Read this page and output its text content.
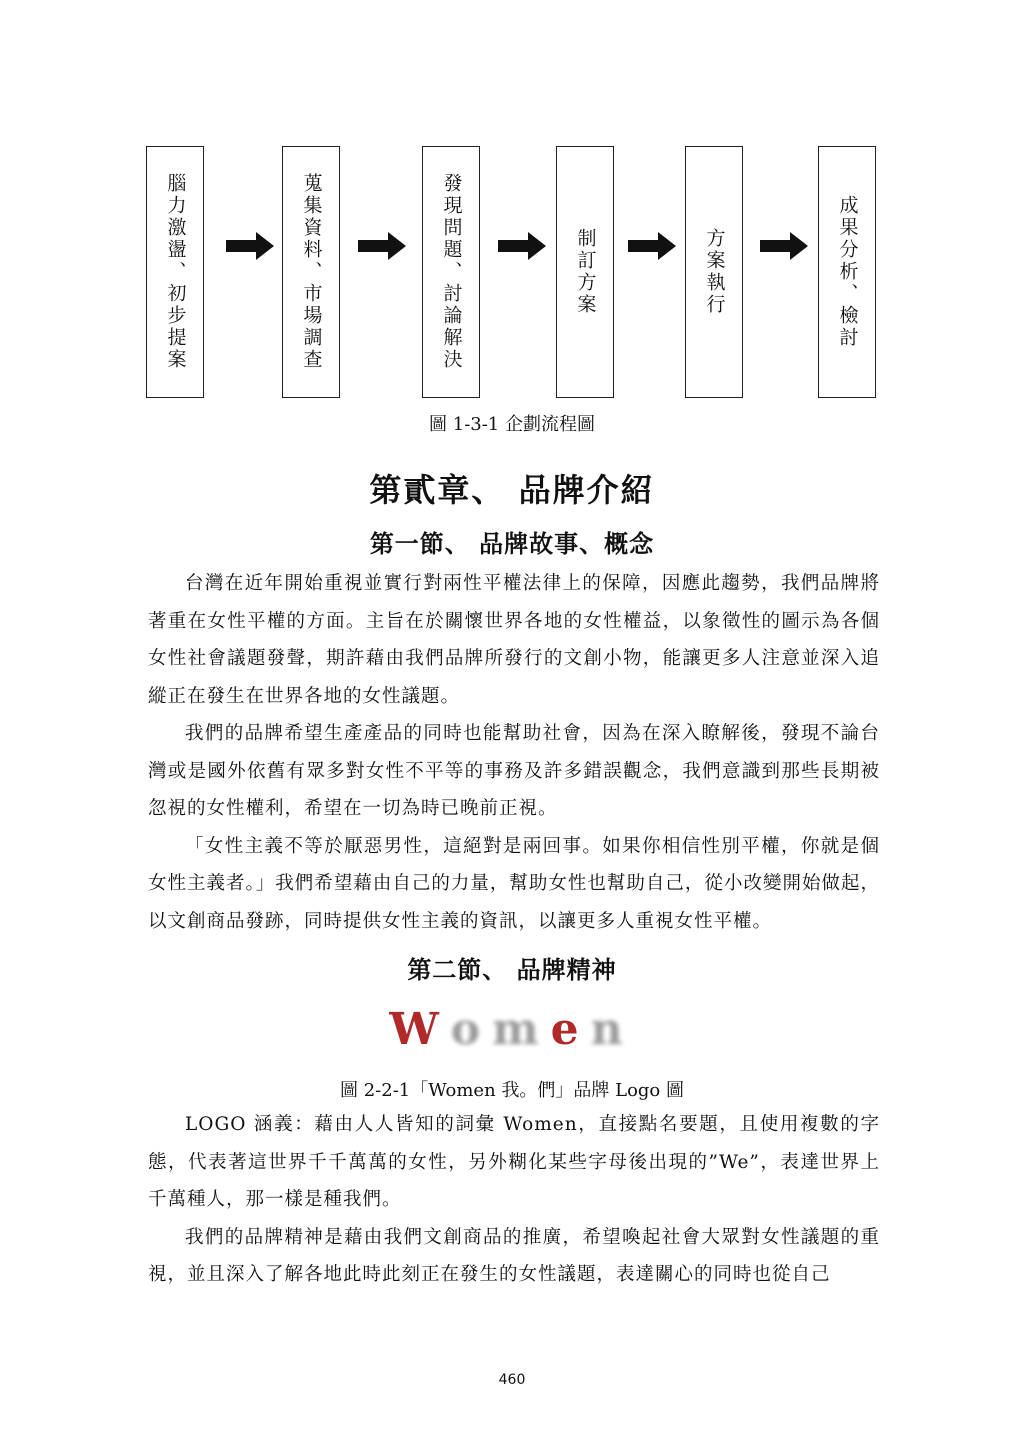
腦力激盪、初步提案	蒐集資料、市場調查	發現問題、討論解決	制訂方案	方案執行	成果分析、檢討
圖 1-3-1 企劃流程圖
第貳章、 品牌介紹
第一節、 品牌故事、概念

台灣在近年開始重視並實行對兩性平權法律上的保障，因應此趨勢，我們品牌將著重在女性平權的方面。主旨在於關懷世界各地的女性權益，以象徵性的圖示為各個女性社會議題發聲，期許藉由我們品牌所發行的文創小物，能讓更多人注意並深入追縱正在發生在世界各地的女性議題。

我們的品牌希望生產產品的同時也能幫助社會，因為在深入瞭解後，發現不論台灣或是國外依舊有眾多對女性不平等的事務及許多錯誤觀念，我們意識到那些長期被忽視的女性權利，希望在一切為時已晚前正視。

「女性主義不等於厭惡男性，這絕對是兩回事。如果你相信性別平權，你就是個女性主義者。」我們希望藉由自己的力量，幫助女性也幫助自己，從小改變開始做起，以文創商品發跡，同時提供女性主義的資訊，以讓更多人重視女性平權。

第二節、 品牌精神
Women
圖 2-2-1「Women 我。們」品牌 Logo 圖

LOGO 涵義：藉由人人皆知的詞彙 Women，直接點名要題，且使用複數的字態，代表著這世界千千萬萬的女性，另外糊化某些字母後出現的”We”，表達世界上千萬種人，那一樣是種我們。

我們的品牌精神是藉由我們文創商品的推廣，希望喚起社會大眾對女性議題的重視，並且深入了解各地此時此刻正在發生的女性議題，表達關心的同時也從自己

460
